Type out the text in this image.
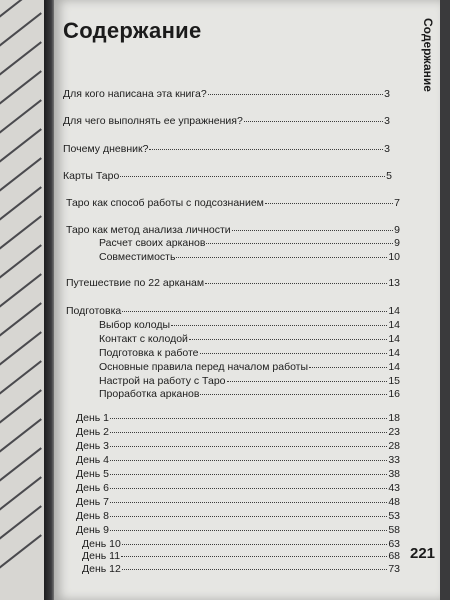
Содержание	Содержание
221
Для кого написана эта книга?	3
Для чего выполнять ее упражнения?	3
Почему дневник?	3
Карты Таро	5
Таро как способ работы с подсознанием	7
Таро как метод анализа личности	9
Расчет своих арканов	9
Совместимость	10
Путешествие по 22 арканам	13
Подготовка	14
Выбор колоды	14
Контакт с колодой	14
Подготовка к работе	14
Основные правила перед началом работы	14
Настрой на работу с Таро	15
Проработка арканов	16
День 1	18
День 2	23
День 3	28
День 4	33
День 5	38
День 6	43
День 7	48
День 8	53
День 9	58
День 10	63
День 11	68
День 12	73
